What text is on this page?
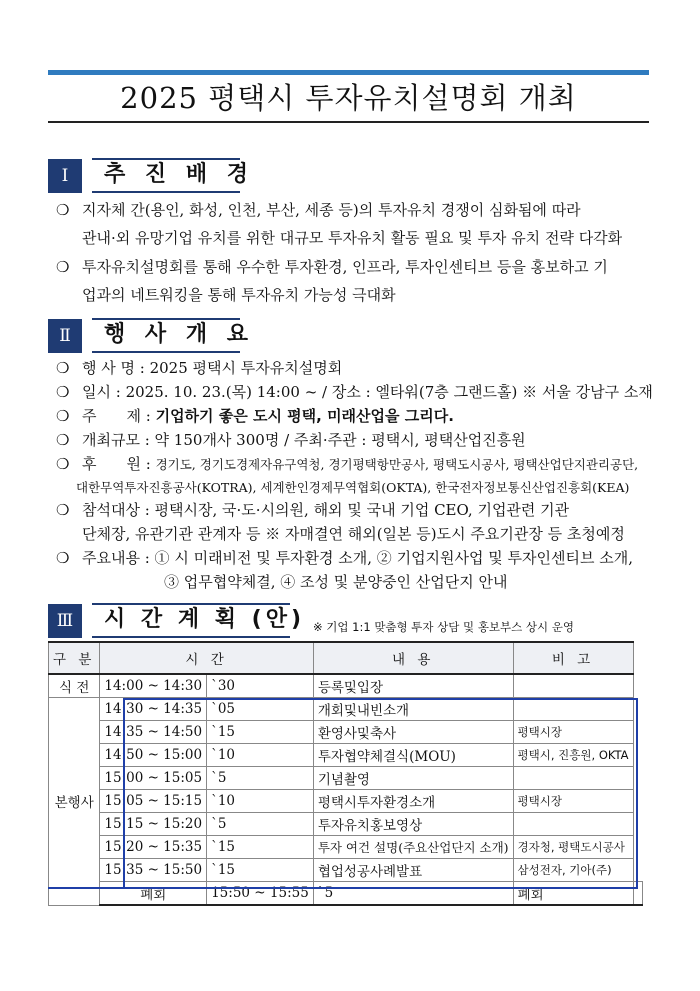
2025 평택시 투자유치설명회 개최
Ⅰ	추 진 배 경
❍ 지자체 간(용인, 화성, 인천, 부산, 세종 등)의 투자유치 경쟁이 심화됨에 따라
관내·외 유망기업 유치를 위한 대규모 투자유치 활동 필요 및 투자 유치 전략 다각화
❍ 투자유치설명회를 통해 우수한 투자환경, 인프라, 투자인센티브 등을 홍보하고 기
업과의 네트워킹을 통해 투자유치 가능성 극대화
Ⅱ	행 사 개 요
❍ 행 사 명 : 2025 평택시 투자유치설명회
❍ 일시 : 2025. 10. 23.(목) 14:00 ~ / 장소 : 엘타워(7층 그랜드홀) ※ 서울 강남구 소재
❍ 주　　제 : 기업하기 좋은 도시 평택, 미래산업을 그리다.
❍ 개최규모 : 약 150개사 300명 / 주최·주관 : 평택시, 평택산업진흥원
❍ 후　　원 : 경기도, 경기도경제자유구역청, 경기평택항만공사, 평택도시공사, 평택산업단지관리공단,
대한무역투자진흥공사(KOTRA), 세계한인경제무역협회(OKTA), 한국전자정보통신산업진흥회(KEA)
❍ 참석대상 : 평택시장, 국·도·시의원, 해외 및 국내 기업 CEO, 기업관련 기관
단체장, 유관기관 관계자 등 ※ 자매결연 해외(일본 등)도시 주요기관장 등 초청예정
❍ 주요내용 : ① 시 미래비전 및 투자환경 소개, ② 기업지원사업 및 투자인센티브 소개,
③ 업무협약체결, ④ 조성 및 분양중인 산업단지 안내
Ⅲ	시 간 계 획 (안) ※ 기업 1:1 맞춤형 투자 상담 및 홍보부스 상시 운영
구 분	시 간		내 용	비 고	
식 전	14:00 ~ 14:30	`30	등록및입장		
본행사	14:30 ~ 14:35	`05	개회및내빈소개		
	14:35 ~ 14:50	`15	환영사및축사	평택시장	
	14:50 ~ 15:00	`10	투자협약체결식(MOU)	평택시, 진흥원, OKTA	
	15:00 ~ 15:05	`5	기념촬영		
	15:05 ~ 15:15	`10	평택시투자환경소개	평택시장	
	15:15 ~ 15:20	`5	투자유치홍보영상		
	15:20 ~ 15:35	`15	투자 여건 설명(주요산업단지 소개)	경자청, 평택도시공사	
	15:35 ~ 15:50	`15	협업성공사례발표	삼성전자, 기아(주)	
	폐회	15:50 ~ 15:55	`5	폐회	
